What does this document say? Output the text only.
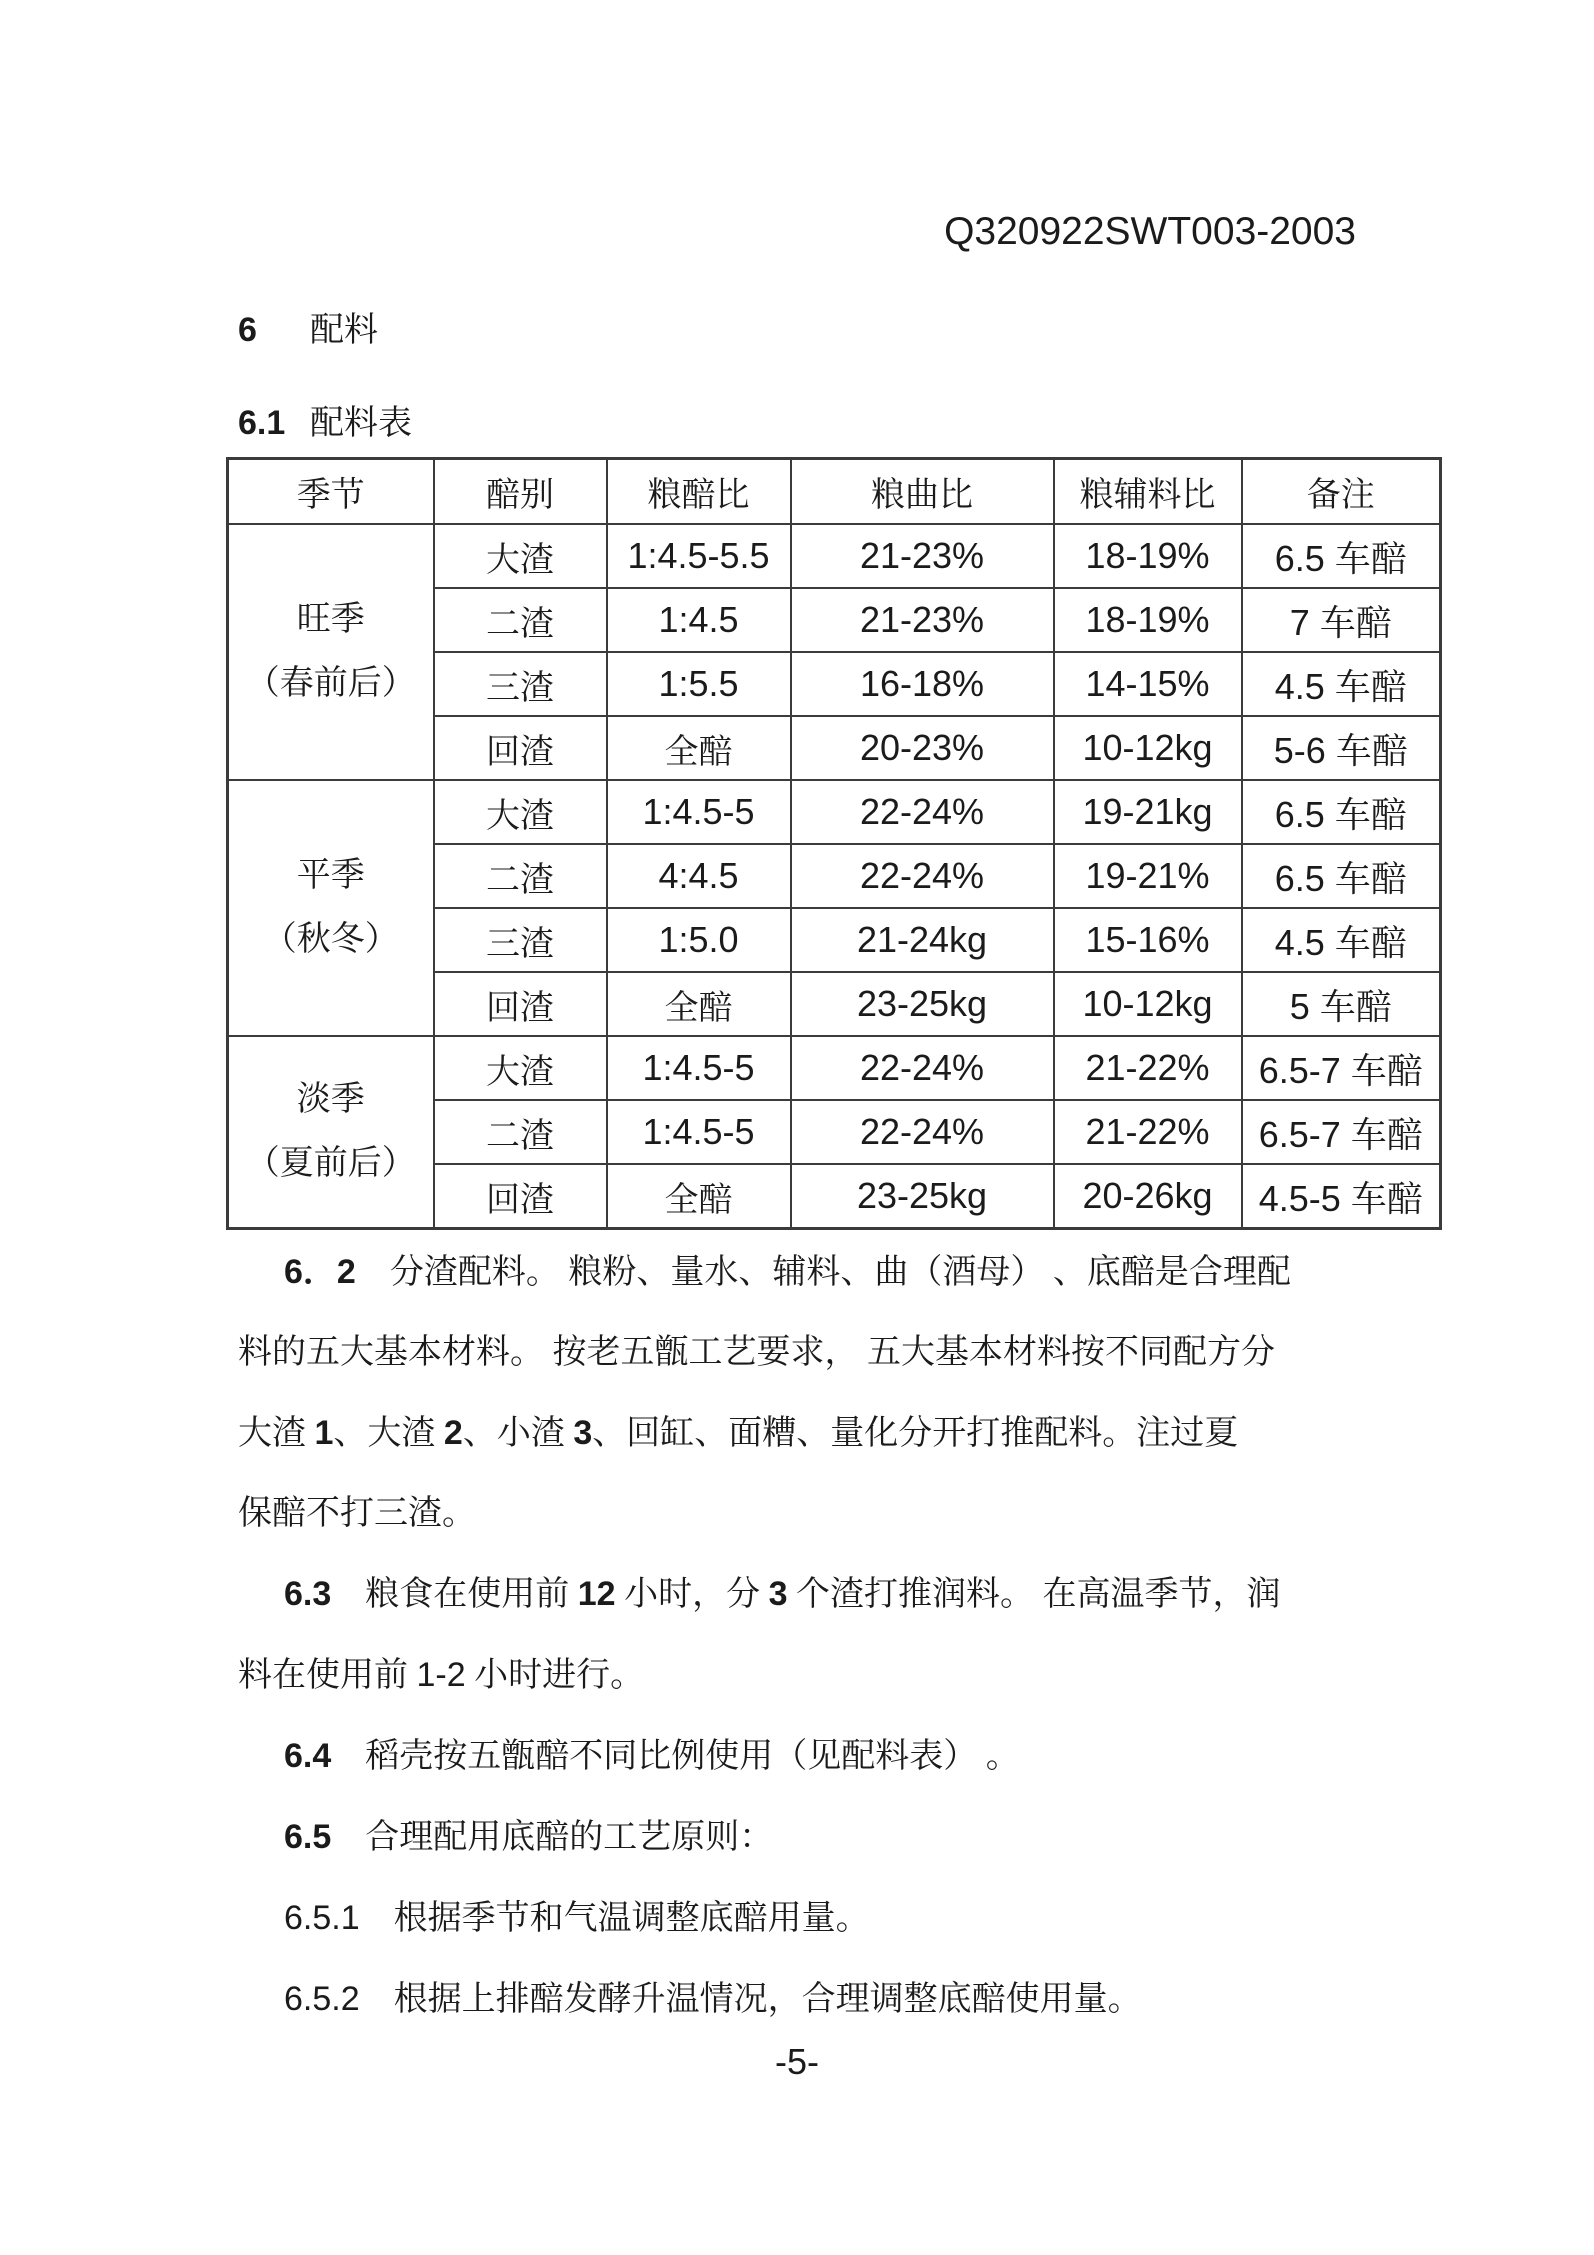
Q320922SWT003-2003
6 配料
6.1 配料表
季节	醅别	粮醅比	粮曲比	粮辅料比	备注

旺季
（春前后）	大渣	1:4.5-5.5	21-23%	18-19%	6.5 车醅
	二渣	1:4.5	21-23%	18-19%	7 车醅
	三渣	1:5.5	16-18%	14-15%	4.5 车醅
	回渣	全醅	20-23%	10-12kg	5-6 车醅

平季
（秋冬）	大渣	1:4.5-5	22-24%	19-21kg	6.5 车醅
	二渣	4:4.5	22-24%	19-21%	6.5 车醅
	三渣	1:5.0	21-24kg	15-16%	4.5 车醅
	回渣	全醅	23-25kg	10-12kg	5 车醅

淡季
（夏前后）	大渣	1:4.5-5	22-24%	21-22%	6.5-7 车醅
	二渣	1:4.5-5	22-24%	21-22%	6.5-7 车醅
	回渣	全醅	23-25kg	20-26kg	4.5-5 车醅
6．2　分渣配料。 粮粉、量水、辅料、曲（酒母） 、底醅是合理配
料的五大基本材料。 按老五甑工艺要求， 五大基本材料按不同配方分
大渣 1、大渣 2、小渣 3、回缸、面糟、量化分开打推配料。注过夏
保醅不打三渣。
6.3　粮食在使用前 12 小时，分 3 个渣打推润料。 在高温季节，润
料在使用前 1-2 小时进行。
6.4　稻壳按五甑醅不同比例使用（见配料表） 。
6.5　合理配用底醅的工艺原则：
6.5.1　根据季节和气温调整底醅用量。
6.5.2　根据上排醅发酵升温情况，合理调整底醅使用量。
-5-
